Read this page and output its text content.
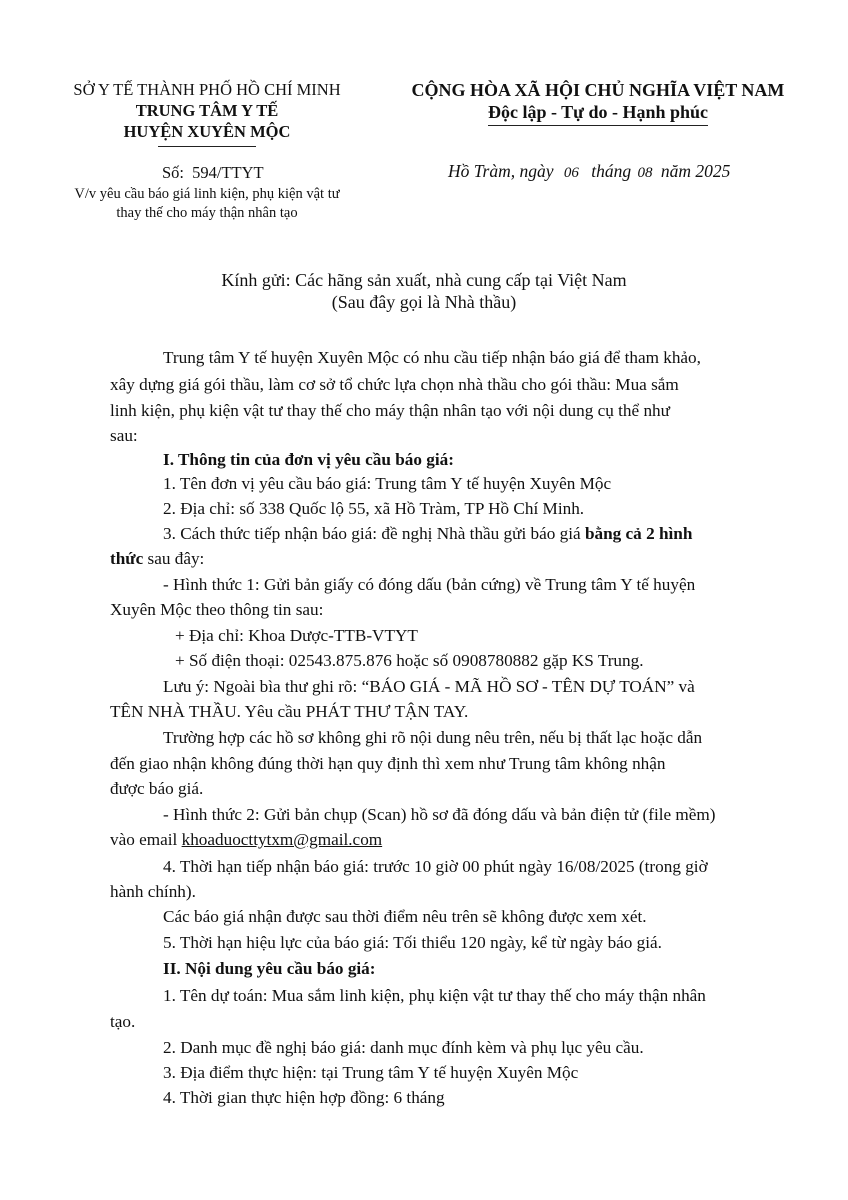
SỞ Y TẾ THÀNH PHỐ HỒ CHÍ MINH
TRUNG TÂM Y TẾ
HUYỆN XUYÊN MỘC
CỘNG HÒA XÃ HỘI CHỦ NGHĨA VIỆT NAM
Độc lập - Tự do - Hạnh phúc
Số: 594/TTYT
V/v yêu cầu báo giá linh kiện, phụ kiện vật tư
thay thế cho máy thận nhân tạo
Hồ Tràm, ngày 06 tháng 08 năm 2025
Kính gửi: Các hãng sản xuất, nhà cung cấp tại Việt Nam
(Sau đây gọi là Nhà thầu)
Trung tâm Y tế huyện Xuyên Mộc có nhu cầu tiếp nhận báo giá để tham khảo,
xây dựng giá gói thầu, làm cơ sở tổ chức lựa chọn nhà thầu cho gói thầu: Mua sắm
linh kiện, phụ kiện vật tư thay thế cho máy thận nhân tạo với nội dung cụ thể như
sau:
I. Thông tin của đơn vị yêu cầu báo giá:
1. Tên đơn vị yêu cầu báo giá: Trung tâm Y tế huyện Xuyên Mộc
2. Địa chỉ: số 338 Quốc lộ 55, xã Hồ Tràm, TP Hồ Chí Minh.
3. Cách thức tiếp nhận báo giá: đề nghị Nhà thầu gửi báo giá bằng cả 2 hình
thức sau đây:
- Hình thức 1: Gửi bản giấy có đóng dấu (bản cứng) về Trung tâm Y tế huyện
Xuyên Mộc theo thông tin sau:
+ Địa chỉ: Khoa Dược-TTB-VTYT
+ Số điện thoại: 02543.875.876 hoặc số 0908780882 gặp KS Trung.
Lưu ý: Ngoài bìa thư ghi rõ: “BÁO GIÁ - MÃ HỒ SƠ - TÊN DỰ TOÁN” và
TÊN NHÀ THẦU. Yêu cầu PHÁT THƯ TẬN TAY.
Trường hợp các hồ sơ không ghi rõ nội dung nêu trên, nếu bị thất lạc hoặc dẫn
đến giao nhận không đúng thời hạn quy định thì xem như Trung tâm không nhận
được báo giá.
- Hình thức 2: Gửi bản chụp (Scan) hồ sơ đã đóng dấu và bản điện tử (file mềm)
vào email khoaduocttytxm@gmail.com
4. Thời hạn tiếp nhận báo giá: trước 10 giờ 00 phút ngày 16/08/2025 (trong giờ
hành chính).
Các báo giá nhận được sau thời điểm nêu trên sẽ không được xem xét.
5. Thời hạn hiệu lực của báo giá: Tối thiểu 120 ngày, kể từ ngày báo giá.
II. Nội dung yêu cầu báo giá:
1. Tên dự toán: Mua sắm linh kiện, phụ kiện vật tư thay thế cho máy thận nhân
tạo.
2. Danh mục đề nghị báo giá: danh mục đính kèm và phụ lục yêu cầu.
3. Địa điểm thực hiện: tại Trung tâm Y tế huyện Xuyên Mộc
4. Thời gian thực hiện hợp đồng: 6 tháng
